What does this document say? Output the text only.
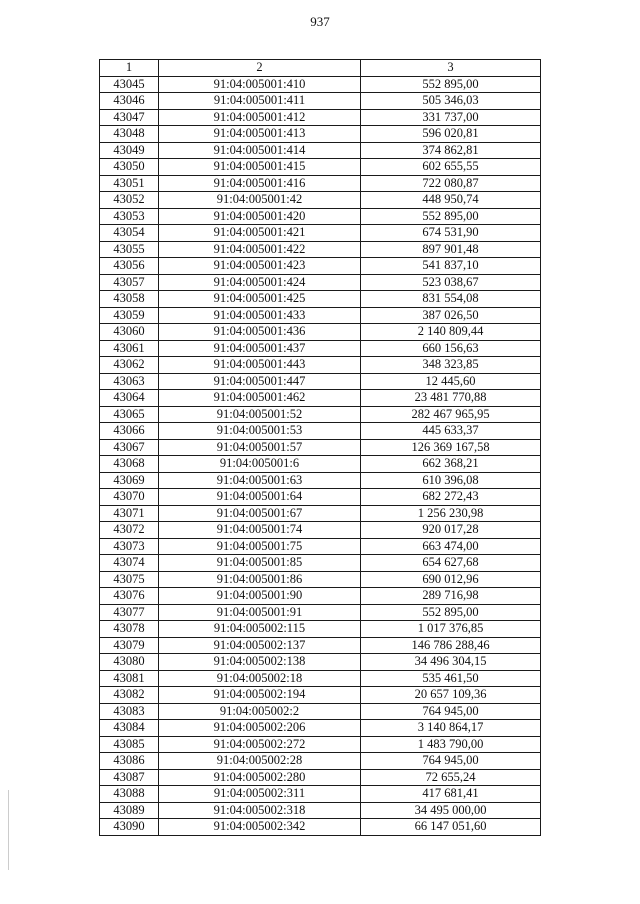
937
1	2	3
43045	91:04:005001:410	552 895,00
43046	91:04:005001:411	505 346,03
43047	91:04:005001:412	331 737,00
43048	91:04:005001:413	596 020,81
43049	91:04:005001:414	374 862,81
43050	91:04:005001:415	602 655,55
43051	91:04:005001:416	722 080,87
43052	91:04:005001:42	448 950,74
43053	91:04:005001:420	552 895,00
43054	91:04:005001:421	674 531,90
43055	91:04:005001:422	897 901,48
43056	91:04:005001:423	541 837,10
43057	91:04:005001:424	523 038,67
43058	91:04:005001:425	831 554,08
43059	91:04:005001:433	387 026,50
43060	91:04:005001:436	2 140 809,44
43061	91:04:005001:437	660 156,63
43062	91:04:005001:443	348 323,85
43063	91:04:005001:447	12 445,60
43064	91:04:005001:462	23 481 770,88
43065	91:04:005001:52	282 467 965,95
43066	91:04:005001:53	445 633,37
43067	91:04:005001:57	126 369 167,58
43068	91:04:005001:6	662 368,21
43069	91:04:005001:63	610 396,08
43070	91:04:005001:64	682 272,43
43071	91:04:005001:67	1 256 230,98
43072	91:04:005001:74	920 017,28
43073	91:04:005001:75	663 474,00
43074	91:04:005001:85	654 627,68
43075	91:04:005001:86	690 012,96
43076	91:04:005001:90	289 716,98
43077	91:04:005001:91	552 895,00
43078	91:04:005002:115	1 017 376,85
43079	91:04:005002:137	146 786 288,46
43080	91:04:005002:138	34 496 304,15
43081	91:04:005002:18	535 461,50
43082	91:04:005002:194	20 657 109,36
43083	91:04:005002:2	764 945,00
43084	91:04:005002:206	3 140 864,17
43085	91:04:005002:272	1 483 790,00
43086	91:04:005002:28	764 945,00
43087	91:04:005002:280	72 655,24
43088	91:04:005002:311	417 681,41
43089	91:04:005002:318	34 495 000,00
43090	91:04:005002:342	66 147 051,60
